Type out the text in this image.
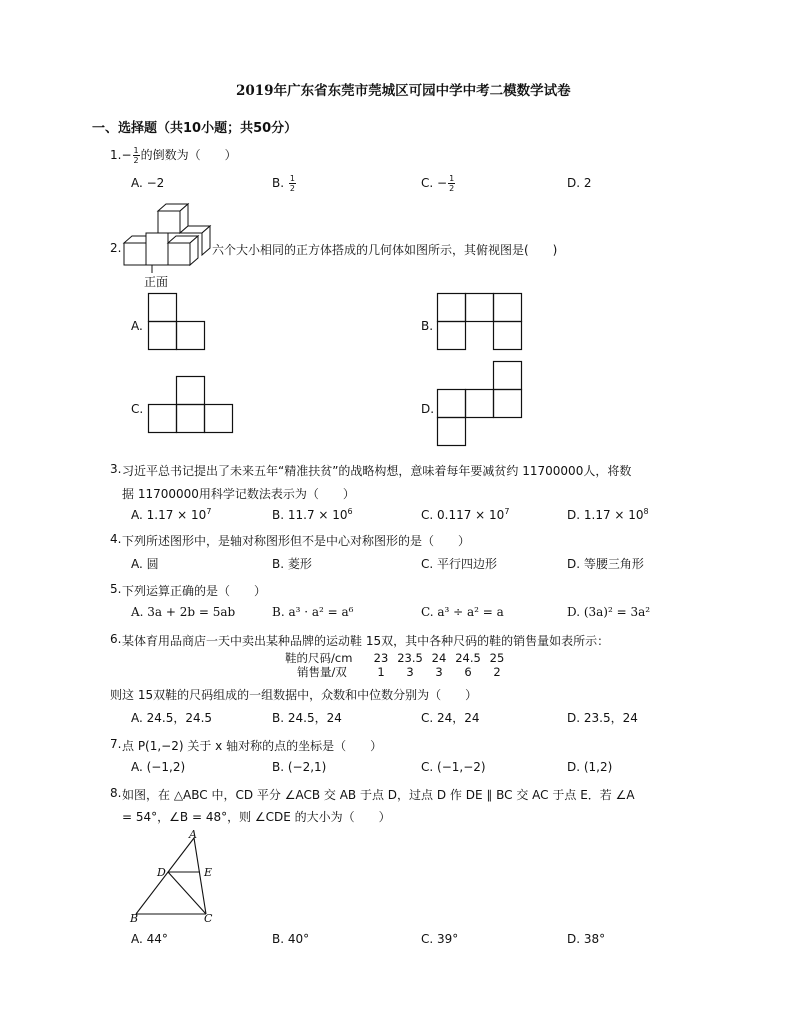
2019年广东省东莞市莞城区可园中学中考二模数学试卷
一、选择题（共10小题；共50分）
$1.- \frac{1}{2}$ 的倒数为（　　）
A. −2	B. $\frac{1}{2}$	C. − $\frac{1}{2}$	D. 2
2.
正面
六个大小相同的正方体搭成的几何体如图所示，其俯视图是(　　)
A.	B.
C.	D.
3. 习近平总书记提出了未来五年“精准扶贫”的战略构想，意味着每年要减贫约 11700000人，将数
据 11700000用科学记数法表示为（　　）
A. $1.17 \times 10^7$	B. $11.7 \times 10^6$	C. $0.117 \times 10^7$	D. $1.17 \times 10^8$
4. 下列所述图形中，是轴对称图形但不是中心对称图形的是（　　）
A. 圆	B. 菱形	C. 平行四边形	D. 等腰三角形
5. 下列运算正确的是（　　）
A. 3a + 2b = 5ab	B. a³ · a² = a⁶	C. a³ ÷ a² = a	D. (3a)² = 3a²
6. 某体育用品商店一天中卖出某种品牌的运动鞋 15双，其中各种尺码的鞋的销售量如表所示：
鞋的尺码/cm	23 23.5 24 24.5 25
销售量/双	1	3	3	6	2
则这 15双鞋的尺码组成的一组数据中，众数和中位数分别为（　　）
A. 24.5，24.5	B. 24.5，24	C. 24，24	D. 23.5，24
7. 点 P(1,−2) 关于 x 轴对称的点的坐标是（　　）
A. (−1,2)	B. (−2,1)	C. (−1,−2)	D. (1,2)
8. 如图，在 △ABC 中，CD 平分 ∠ACB 交 AB 于点 D，过点 D 作 DE ∥ BC 交 AC 于点 E．若 ∠A
= 54°，∠B = 48°，则 ∠CDE 的大小为（　　）
A
D	E
B	C
A. 44°	B. 40°	C. 39°	D. 38°
